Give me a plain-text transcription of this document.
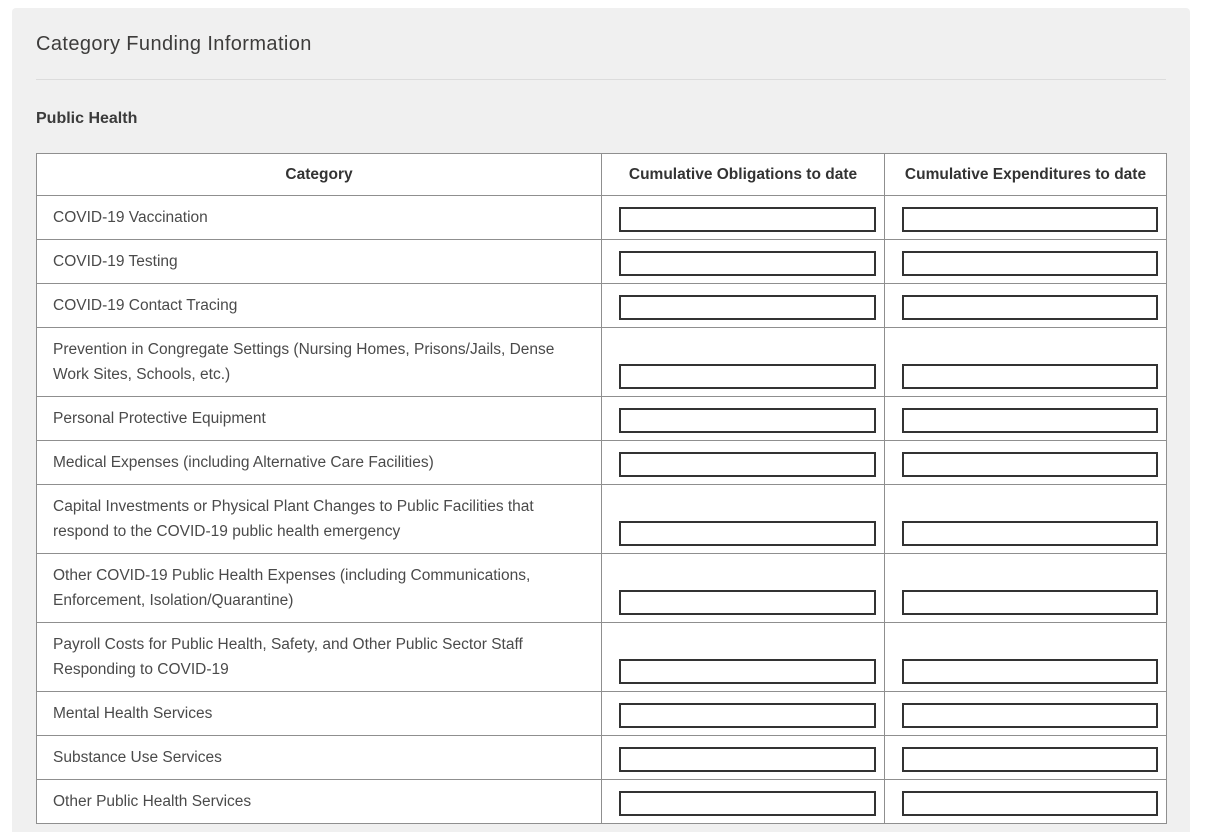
Category Funding Information
Public Health
Category	Cumulative Obligations to date	Cumulative Expenditures to date
COVID-19 Vaccination	

COVID-19 Testing	

COVID-19 Contact Tracing	

Prevention in Congregate Settings (Nursing Homes, Prisons/Jails, Dense Work Sites, Schools, etc.)	

Personal Protective Equipment	

Medical Expenses (including Alternative Care Facilities)	

Capital Investments or Physical Plant Changes to Public Facilities that respond to the COVID-19 public health emergency	

Other COVID-19 Public Health Expenses (including Communications, Enforcement, Isolation/Quarantine)	

Payroll Costs for Public Health, Safety, and Other Public Sector Staff Responding to COVID-19	

Mental Health Services	

Substance Use Services	

Other Public Health Services	
